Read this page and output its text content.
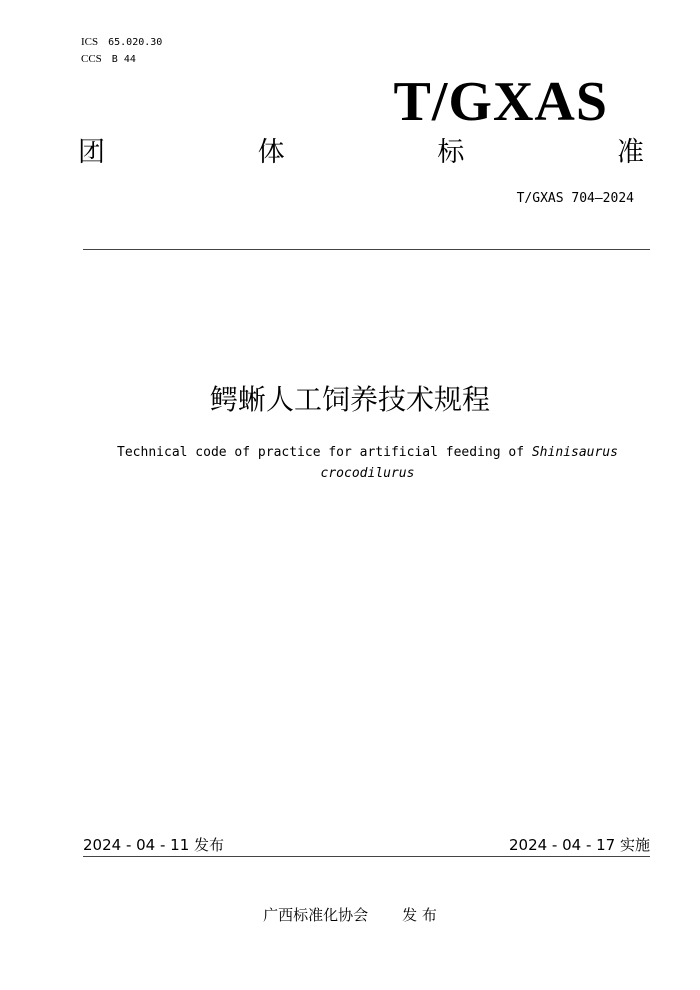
ICS 65.020.30
CCS B 44
T/GXAS
团	体	标	准
T/GXAS 704—2024
鳄蜥人工饲养技术规程
Technical code of practice for artificial feeding of Shinisaurus crocodilurus
2024 - 04 - 11 发布	2024 - 04 - 17 实施
广西标准化协会 发 布
